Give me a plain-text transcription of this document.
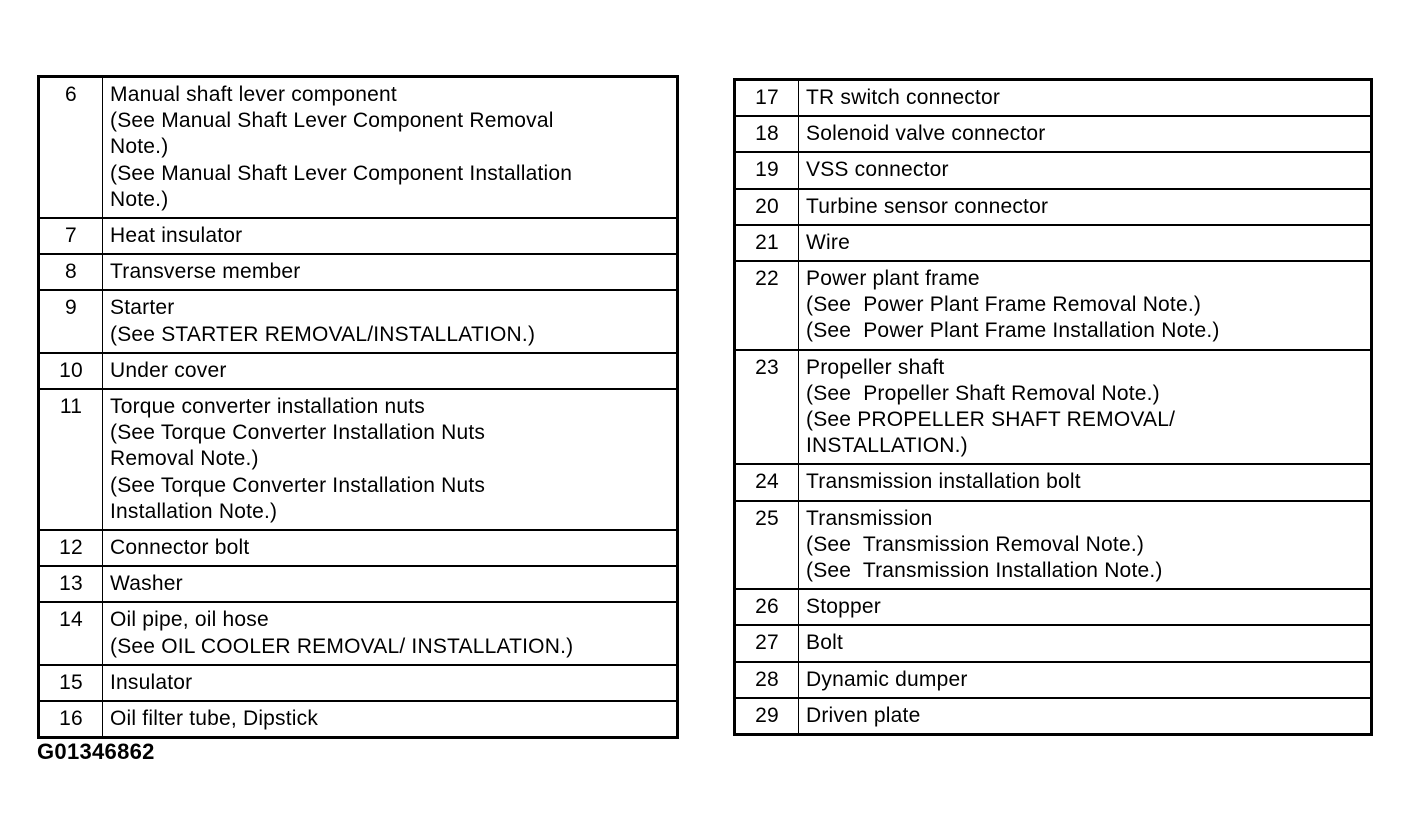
6	Manual shaft lever component
(See Manual Shaft Lever Component Removal
Note.)
(See Manual Shaft Lever Component Installation
Note.)

7	Heat insulator

8	Transverse member

9	Starter
(See STARTER REMOVAL/INSTALLATION.)

10	Under cover

11	Torque converter installation nuts
(See Torque Converter Installation Nuts
Removal Note.)
(See Torque Converter Installation Nuts
Installation Note.)

12	Connector bolt

13	Washer

14	Oil pipe, oil hose
(See OIL COOLER REMOVAL/ INSTALLATION.)

15	Insulator

16	Oil filter tube, Dipstick
17	TR switch connector

18	Solenoid valve connector

19	VSS connector

20	Turbine sensor connector

21	Wire

22	Power plant frame
(See  Power Plant Frame Removal Note.)
(See  Power Plant Frame Installation Note.)

23	Propeller shaft
(See  Propeller Shaft Removal Note.)
(See PROPELLER SHAFT REMOVAL/
INSTALLATION.)

24	Transmission installation bolt

25	Transmission
(See  Transmission Removal Note.)
(See  Transmission Installation Note.)

26	Stopper

27	Bolt

28	Dynamic dumper

29	Driven plate
G01346862
